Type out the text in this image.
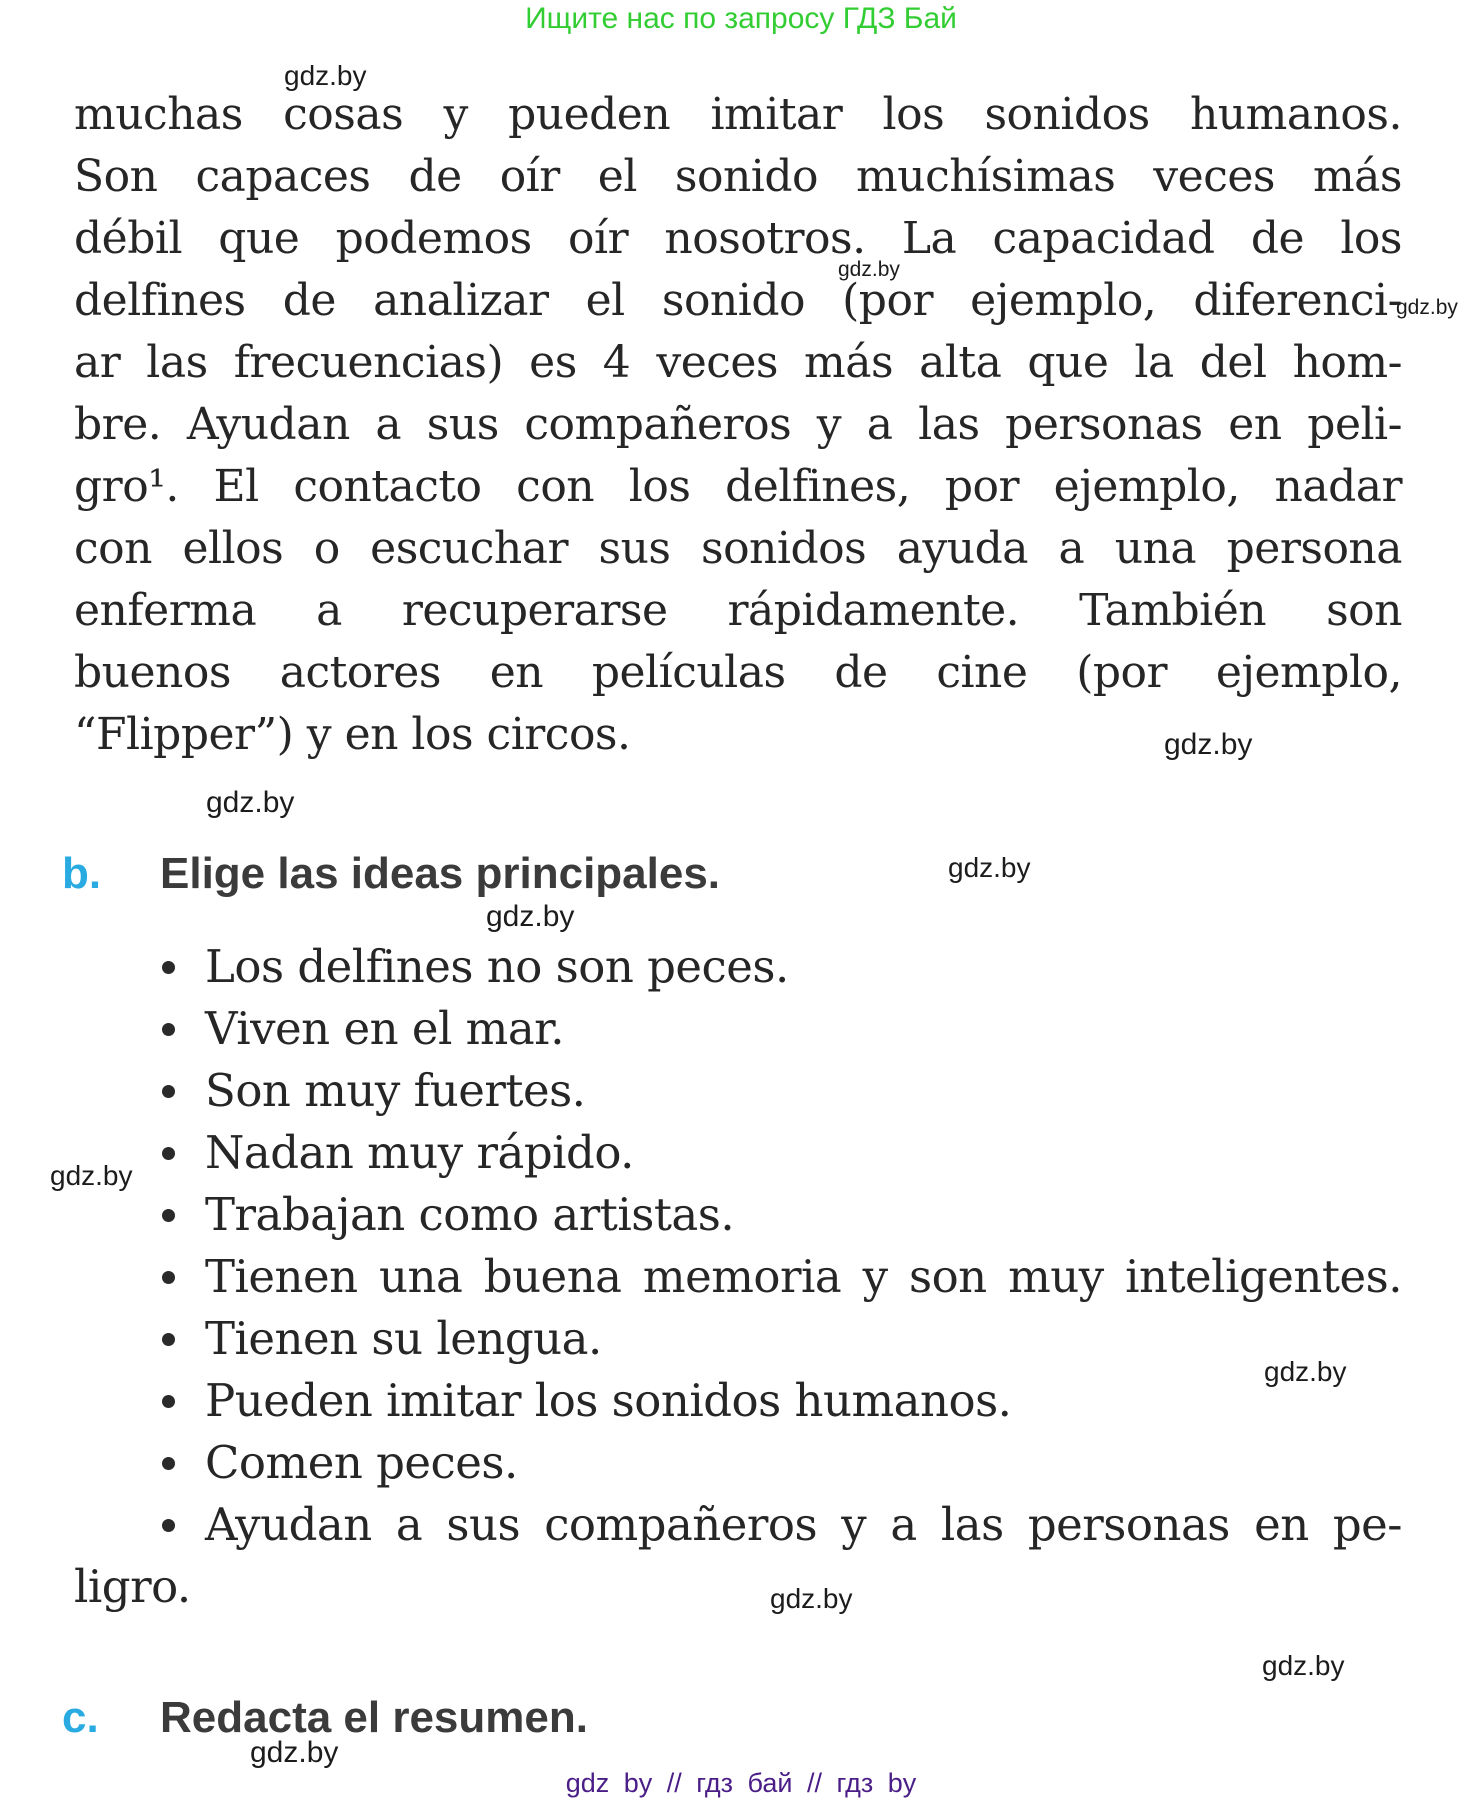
Ищите нас по запросу ГДЗ Бай
gdz.by
gdz.by
gdz.by
gdz.by
gdz.by
gdz.by
gdz.by
gdz.by
gdz.by
gdz.by
gdz.by
gdz.by
muchas cosas y pueden imitar los sonidos humanos.
Son capaces de oír el sonido muchísimas veces más
débil que podemos oír nosotros. La capacidad de los
delfines de analizar el sonido (por ejemplo, diferenci-
ar las frecuencias) es 4 veces más alta que la del hom-
bre. Ayudan a sus compañeros y a las personas en peli-
gro¹. El contacto con los delfines, por ejemplo, nadar
con ellos o escuchar sus sonidos ayuda a una persona
enferma a recuperarse rápidamente. También son
buenos actores en películas de cine (por ejemplo,
“Flipper”) y en los circos.
b.	Elige las ideas principales.
Los delfines no son peces.
Viven en el mar.
Son muy fuertes.
Nadan muy rápido.
Trabajan como artistas.
Tienen una buena memoria y son muy inteligentes.
Tienen su lengua.
Pueden imitar los sonidos humanos.
Comen peces.
Ayudan a sus compañeros y a las personas en pe-
ligro.
c.	Redacta el resumen.
gdz by // гдз бай // гдз by
